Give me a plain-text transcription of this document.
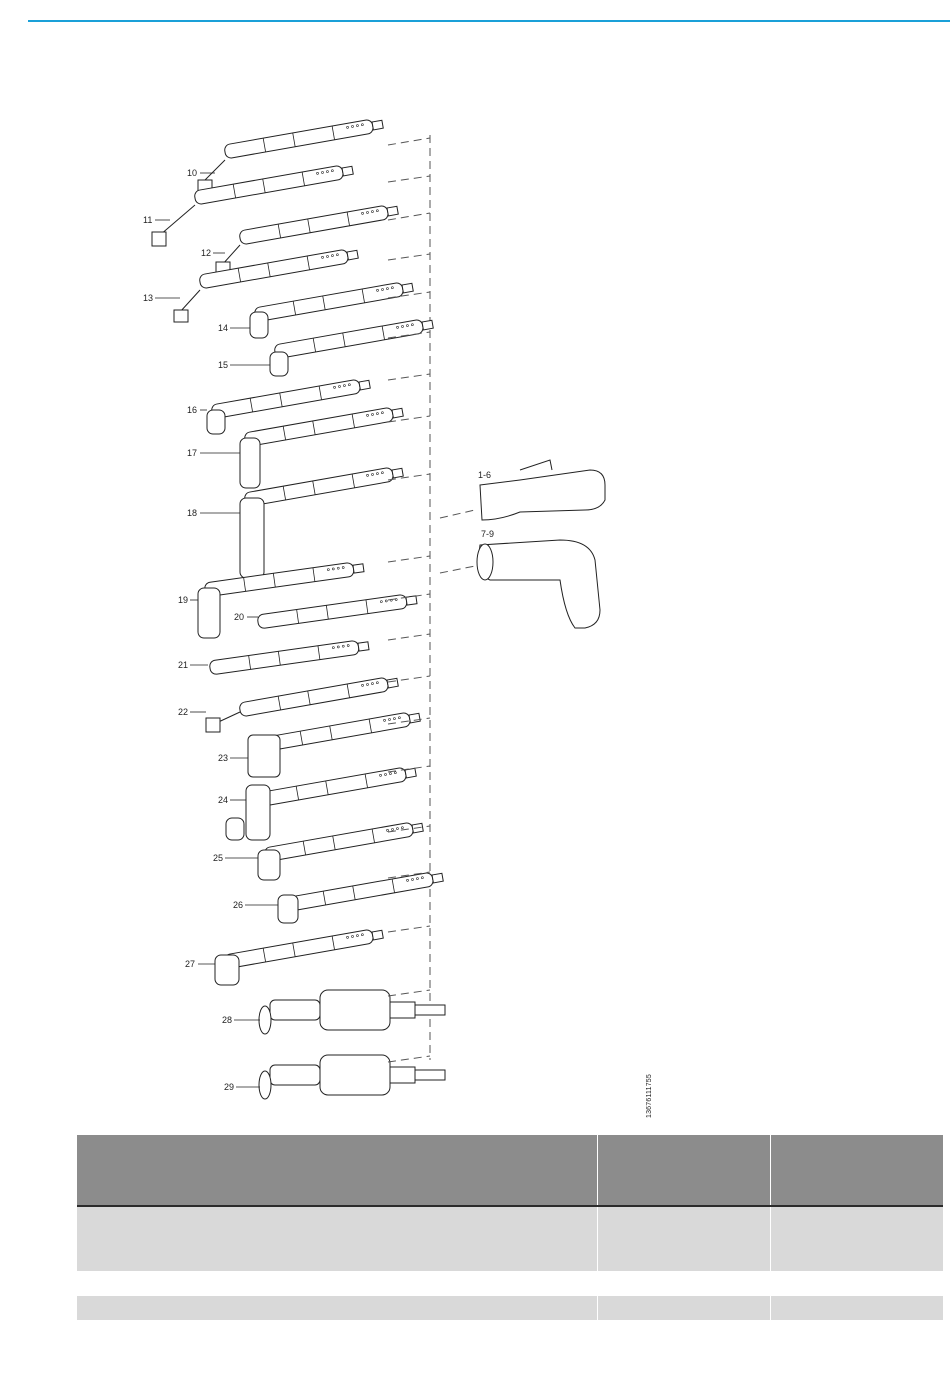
10
11
12
13
14
15
16
17
18
19
20
21
22
23
24
25
26
27
28
29
1-6
7-9
13676111755
